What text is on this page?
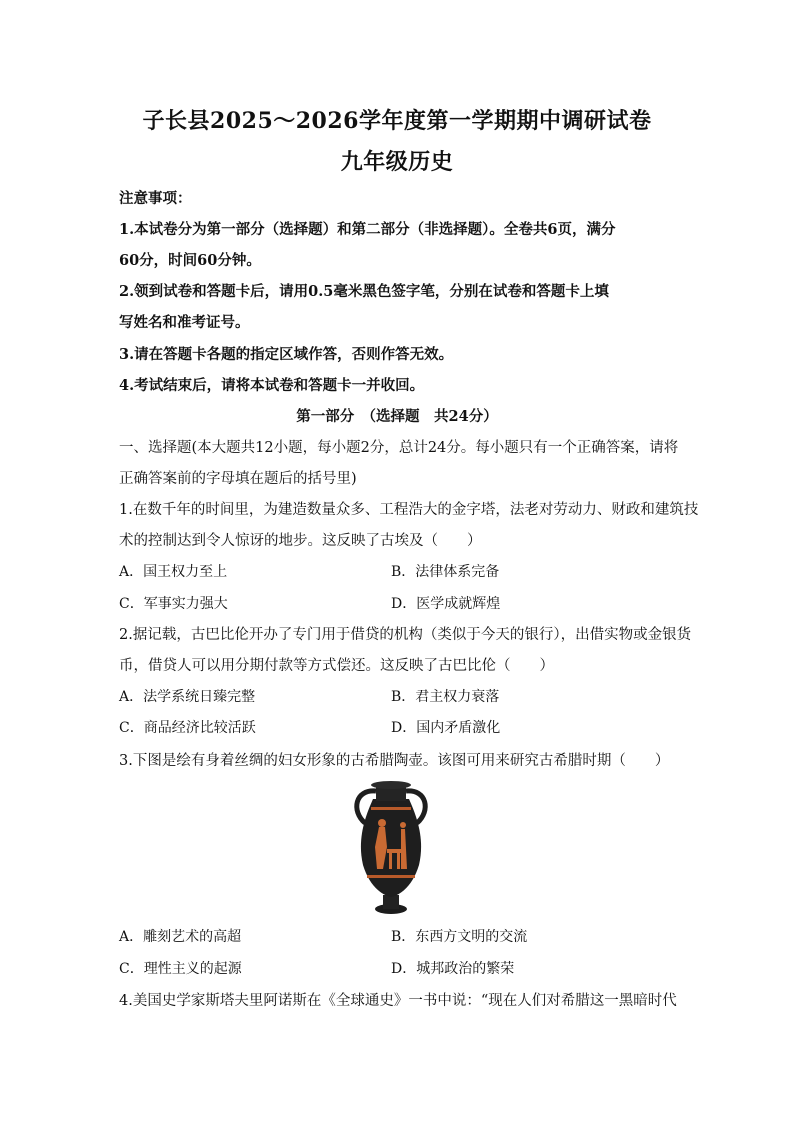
子长县2025～2026学年度第一学期期中调研试卷
九年级历史
注意事项：
1.本试卷分为第一部分（选择题）和第二部分（非选择题）。全卷共6页，满分
60分，时间60分钟。
2.领到试卷和答题卡后，请用0.5毫米黑色签字笔，分别在试卷和答题卡上填
写姓名和准考证号。
3.请在答题卡各题的指定区域作答，否则作答无效。
4.考试结束后，请将本试卷和答题卡一并收回。
第一部分　（选择题　共24分）
一、选择题(本大题共12小题，每小题2分，总计24分。每小题只有一个正确答案，请将
正确答案前的字母填在题后的括号里)
1.在数千年的时间里，为建造数量众多、工程浩大的金字塔，法老对劳动力、财政和建筑技
术的控制达到令人惊讶的地步。这反映了古埃及（　　）
A．国王权力至上	B．法律体系完备
C．军事实力强大	D．医学成就辉煌
2.据记载，古巴比伦开办了专门用于借贷的机构（类似于今天的银行），出借实物或金银货
币，借贷人可以用分期付款等方式偿还。这反映了古巴比伦（　　）
A．法学系统日臻完整	B．君主权力衰落
C．商品经济比较活跃	D．国内矛盾激化
3.下图是绘有身着丝绸的妇女形象的古希腊陶壶。该图可用来研究古希腊时期（　　）
A．雕刻艺术的高超	B．东西方文明的交流
C．理性主义的起源	D．城邦政治的繁荣
4.美国史学家斯塔夫里阿诺斯在《全球通史》一书中说：“现在人们对希腊这一黑暗时代
